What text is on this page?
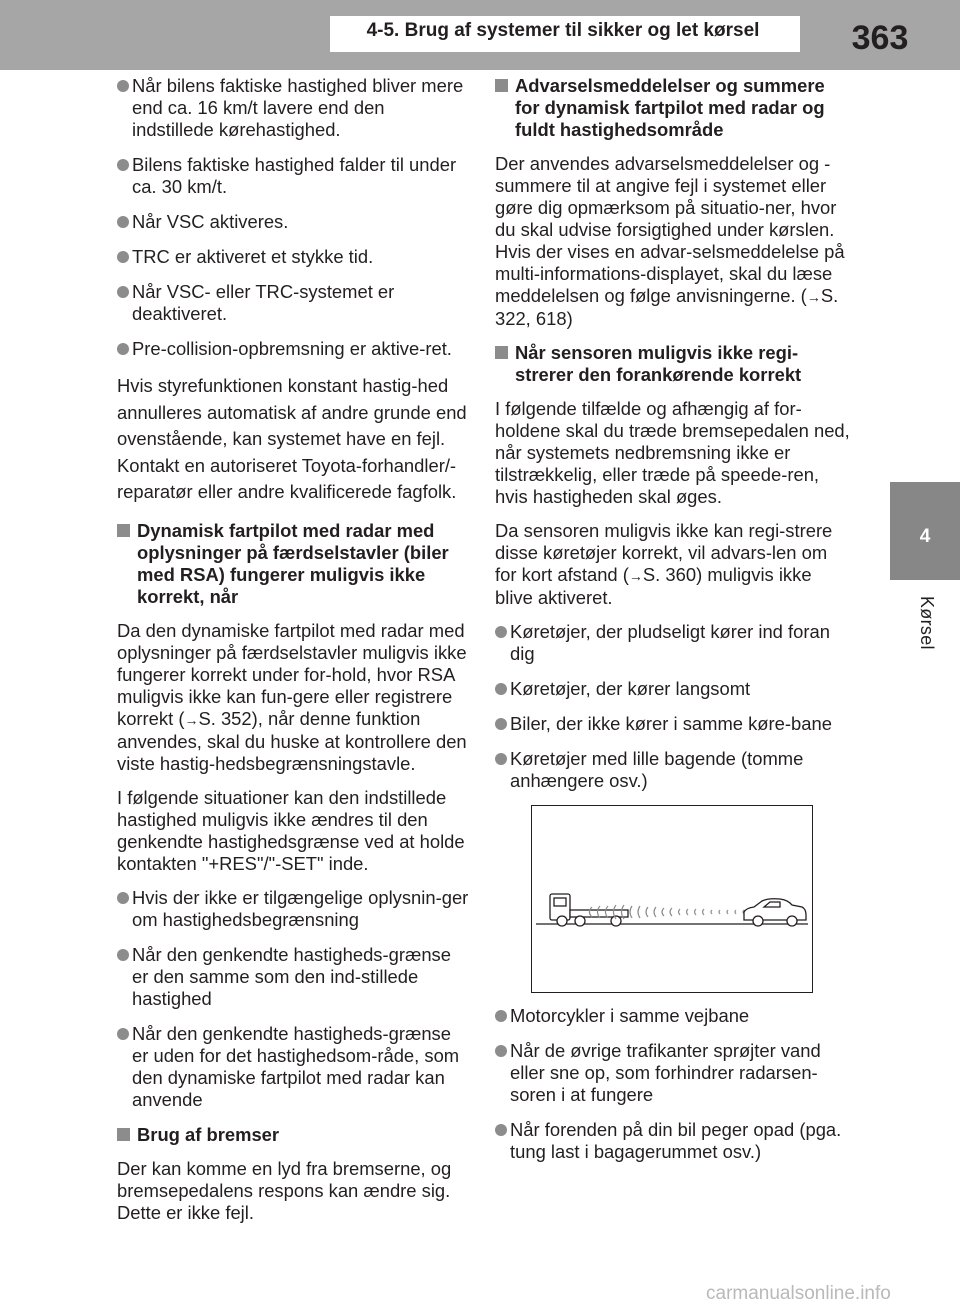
4-5. Brug af systemer til sikker og let kørsel	363
4
Kørsel
Når bilens faktiske hastighed bliver mere end ca. 16 km/t lavere end den indstillede kørehastighed.
Bilens faktiske hastighed falder til under ca. 30 km/t.
Når VSC aktiveres.
TRC er aktiveret et stykke tid.
Når VSC- eller TRC-systemet er deaktiveret.
Pre-collision-opbremsning er aktive-ret.
Hvis styrefunktionen konstant hastig-hed annulleres automatisk af andre grunde end ovenstående, kan systemet have en fejl. Kontakt en autoriseret Toyota-forhandler/-reparatør eller andre kvalificerede fagfolk.
Dynamisk fartpilot med radar med oplysninger på færdselstavler (biler med RSA) fungerer muligvis ikke korrekt, når
Da den dynamiske fartpilot med radar med oplysninger på færdselstavler muligvis ikke fungerer korrekt under for-hold, hvor RSA muligvis ikke kan fun-gere eller registrere korrekt (→S. 352), når denne funktion anvendes, skal du huske at kontrollere den viste hastig-hedsbegrænsningstavle.
I følgende situationer kan den indstillede hastighed muligvis ikke ændres til den genkendte hastighedsgrænse ved at holde kontakten "+RES"/"-SET" inde.
Hvis der ikke er tilgængelige oplysnin-ger om hastighedsbegrænsning
Når den genkendte hastigheds-grænse er den samme som den ind-stillede hastighed
Når den genkendte hastigheds-grænse er uden for det hastighedsom-råde, som den dynamiske fartpilot med radar kan anvende
Brug af bremser
Der kan komme en lyd fra bremserne, og bremsepedalens respons kan ændre sig. Dette er ikke fejl.
Advarselsmeddelelser og summere for dynamisk fartpilot med radar og fuldt hastighedsområde
Der anvendes advarselsmeddelelser og -summere til at angive fejl i systemet eller gøre dig opmærksom på situatio-ner, hvor du skal udvise forsigtighed under kørslen. Hvis der vises en advar-selsmeddelelse på multi-informations-displayet, skal du læse meddelelsen og følge anvisningerne. (→S. 322, 618)
Når sensoren muligvis ikke regi-strerer den forankørende korrekt
I følgende tilfælde og afhængig af for-holdene skal du træde bremsepedalen ned, når systemets nedbremsning ikke er tilstrækkelig, eller træde på speede-ren, hvis hastigheden skal øges.
Da sensoren muligvis ikke kan regi-strere disse køretøjer korrekt, vil advars-len om for kort afstand (→S. 360) muligvis ikke blive aktiveret.
Køretøjer, der pludseligt kører ind foran dig
Køretøjer, der kører langsomt
Biler, der ikke kører i samme køre-bane
Køretøjer med lille bagende (tomme anhængere osv.)
Motorcykler i samme vejbane
Når de øvrige trafikanter sprøjter vand eller sne op, som forhindrer radarsen-soren i at fungere
Når forenden på din bil peger opad (pga. tung last i bagagerummet osv.)
carmanualsonline.info
